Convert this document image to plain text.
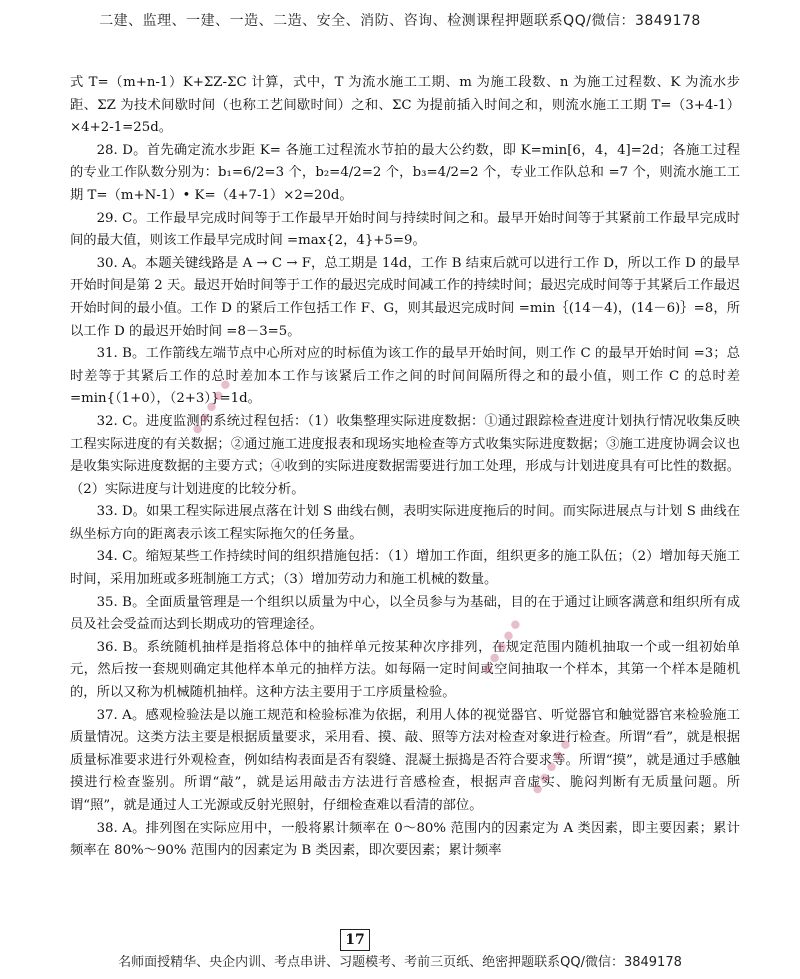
二建、监理、一建、一造、二造、安全、消防、咨询、检测课程押题联系QQ/微信：3849178

式 T=（m+n-1）K+ΣZ-ΣC 计算，式中，T 为流水施工工期、m 为施工段数、n 为施工过程数、K 为流水步距、ΣZ 为技术间歇时间（也称工艺间歇时间）之和、ΣC 为提前插入时间之和，则流水施工工期 T=（3+4-1）×4+2-1=25d。

28. D。首先确定流水步距 K= 各施工过程流水节拍的最大公约数，即 K=min[6，4，4]=2d；各施工过程的专业工作队数分别为：b₁=6/2=3 个，b₂=4/2=2 个，b₃=4/2=2 个，专业工作队总和 =7 个，则流水施工工期 T=（m+N-1）• K=（4+7-1）×2=20d。

29. C。工作最早完成时间等于工作最早开始时间与持续时间之和。最早开始时间等于其紧前工作最早完成时间的最大值，则该工作最早完成时间 =max{2，4}+5=9。

30. A。本题关键线路是 A → C → F，总工期是 14d，工作 B 结束后就可以进行工作 D，所以工作 D 的最早开始时间是第 2 天。最迟开始时间等于工作的最迟完成时间减工作的持续时间；最迟完成时间等于其紧后工作最迟开始时间的最小值。工作 D 的紧后工作包括工作 F、G，则其最迟完成时间 =min｛(14－4)，(14－6)｝=8，所以工作 D 的最迟开始时间 =8－3=5。

31. B。工作箭线左端节点中心所对应的时标值为该工作的最早开始时间，则工作 C 的最早开始时间 =3；总时差等于其紧后工作的总时差加本工作与该紧后工作之间的时间间隔所得之和的最小值，则工作 C 的总时差 =min{（1+0），（2+3）}=1d。

32. C。进度监测的系统过程包括：（1）收集整理实际进度数据：①通过跟踪检查进度计划执行情况收集反映工程实际进度的有关数据；②通过施工进度报表和现场实地检查等方式收集实际进度数据；③施工进度协调会议也是收集实际进度数据的主要方式；④收到的实际进度数据需要进行加工处理，形成与计划进度具有可比性的数据。（2）实际进度与计划进度的比较分析。

33. D。如果工程实际进展点落在计划 S 曲线右侧，表明实际进度拖后的时间。而实际进展点与计划 S 曲线在纵坐标方向的距离表示该工程实际拖欠的任务量。

34. C。缩短某些工作持续时间的组织措施包括：（1）增加工作面，组织更多的施工队伍；（2）增加每天施工时间，采用加班或多班制施工方式；（3）增加劳动力和施工机械的数量。

35. B。全面质量管理是一个组织以质量为中心，以全员参与为基础，目的在于通过让顾客满意和组织所有成员及社会受益而达到长期成功的管理途径。

36. B。系统随机抽样是指将总体中的抽样单元按某种次序排列，在规定范围内随机抽取一个或一组初始单元，然后按一套规则确定其他样本单元的抽样方法。如每隔一定时间或空间抽取一个样本，其第一个样本是随机的，所以又称为机械随机抽样。这种方法主要用于工序质量检验。

37. A。感观检验法是以施工规范和检验标准为依据，利用人体的视觉器官、听觉器官和触觉器官来检验施工质量情况。这类方法主要是根据质量要求，采用看、摸、敲、照等方法对检查对象进行检查。所谓“看”，就是根据质量标准要求进行外观检查，例如结构表面是否有裂缝、混凝土振捣是否符合要求等。所谓“摸”，就是通过手感触摸进行检查鉴别。所谓“敲”，就是运用敲击方法进行音感检查，根据声音虚实、脆闷判断有无质量问题。所谓“照”，就是通过人工光源或反射光照射，仔细检查难以看清的部位。

38. A。排列图在实际应用中，一般将累计频率在 0～80% 范围内的因素定为 A 类因素，即主要因素；累计频率在 80%～90% 范围内的因素定为 B 类因素，即次要因素；累计频率

● ● ● ● ●
● ● ● ● ●
● ● ● ● ●
17
名师面授精华、央企内训、考点串讲、习题模考、考前三页纸、绝密押题联系QQ/微信：3849178
